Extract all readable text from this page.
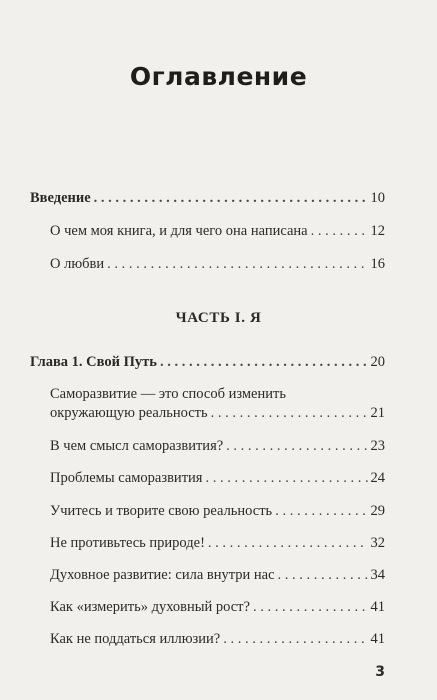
Оглавление
Введение . . .	10
О чем моя книга, и для чего она написана . . .	12
О любви . . .	16
ЧАСТЬ I. Я
Глава 1. Свой Путь . . .	20
Саморазвитие — это способ изменить
окружающую реальность . . .	21
В чем смысл саморазвития? . . .	23
Проблемы саморазвития . . .	24
Учитесь и творите свою реальность . . .	29
Не противьтесь природе! . . .	32
Духовное развитие: сила внутри нас . . .	34
Как «измерить» духовный рост? . . .	41
Как не поддаться иллюзии? . . .	41
3
